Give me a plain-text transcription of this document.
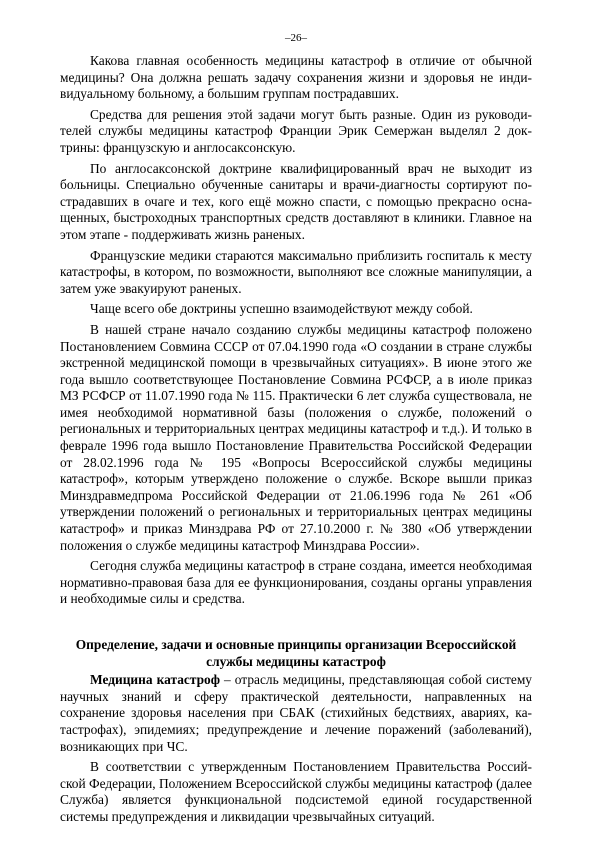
–26–

Какова главная особенность медицины катастроф в отличие от обычной медицины? Она должна решать задачу сохранения жизни и здоровья не индивидуальному больному, а большим группам пострадавших.

Средства для решения этой задачи могут быть разные. Один из руководителей службы медицины катастроф Франции Эрик Семержан выделял 2 доктрины: французскую и англосаксонскую.

По англосаксонской доктрине квалифицированный врач не выходит из больницы. Специально обученные санитары и врачи-диагносты сортируют пострадавших в очаге и тех, кого ещё можно спасти, с помощью прекрасно оснащенных, быстроходных транспортных средств доставляют в клиники. Главное на этом этапе - поддерживать жизнь раненых.

Французские медики стараются максимально приблизить госпиталь к месту катастрофы, в котором, по возможности, выполняют все сложные манипуляции, а затем уже эвакуируют раненых.

Чаще всего обе доктрины успешно взаимодействуют между собой.

В нашей стране начало созданию службы медицины катастроф положено Постановлением Совмина СССР от 07.04.1990 года «О создании в стране службы экстренной медицинской помощи в чрезвычайных ситуациях». В июне этого же года вышло соответствующее Постановление Совмина РСФСР, а в июле приказ МЗ РСФСР от 11.07.1990 года № 115. Практически 6 лет служба существовала, не имея необходимой нормативной базы (положения о службе, положений о региональных и территориальных центрах медицины катастроф и т.д.). И только в феврале 1996 года вышло Постановление Правительства Российской Федерации от 28.02.1996 года № 195 «Вопросы Всероссийской службы медицины катастроф», которым утверждено положение о службе. Вскоре вышли приказ Минздравмедпрома Российской Федерации от 21.06.1996 года № 261 «Об утверждении положений о региональных и территориальных центрах медицины катастроф» и приказ Минздрава РФ от 27.10.2000 г. № 380 «Об утверждении положения о службе медицины катастроф Минздрава России».

Сегодня служба медицины катастроф в стране создана, имеется необходимая нормативно-правовая база для ее функционирования, созданы органы управления и необходимые силы и средства.

Определение, задачи и основные принципы организации Всероссийской службы медицины катастроф

Медицина катастроф – отрасль медицины, представляющая собой систему научных знаний и сферу практической деятельности, направленных на сохранение здоровья населения при СБАК (стихийных бедствиях, авариях, катастрофах), эпидемиях; предупреждение и лечение поражений (заболеваний), возникающих при ЧС.

В соответствии с утвержденным Постановлением Правительства Российской Федерации, Положением Всероссийской службы медицины катастроф (далее Служба) является функциональной подсистемой единой государственной системы предупреждения и ликвидации чрезвычайных ситуаций.
